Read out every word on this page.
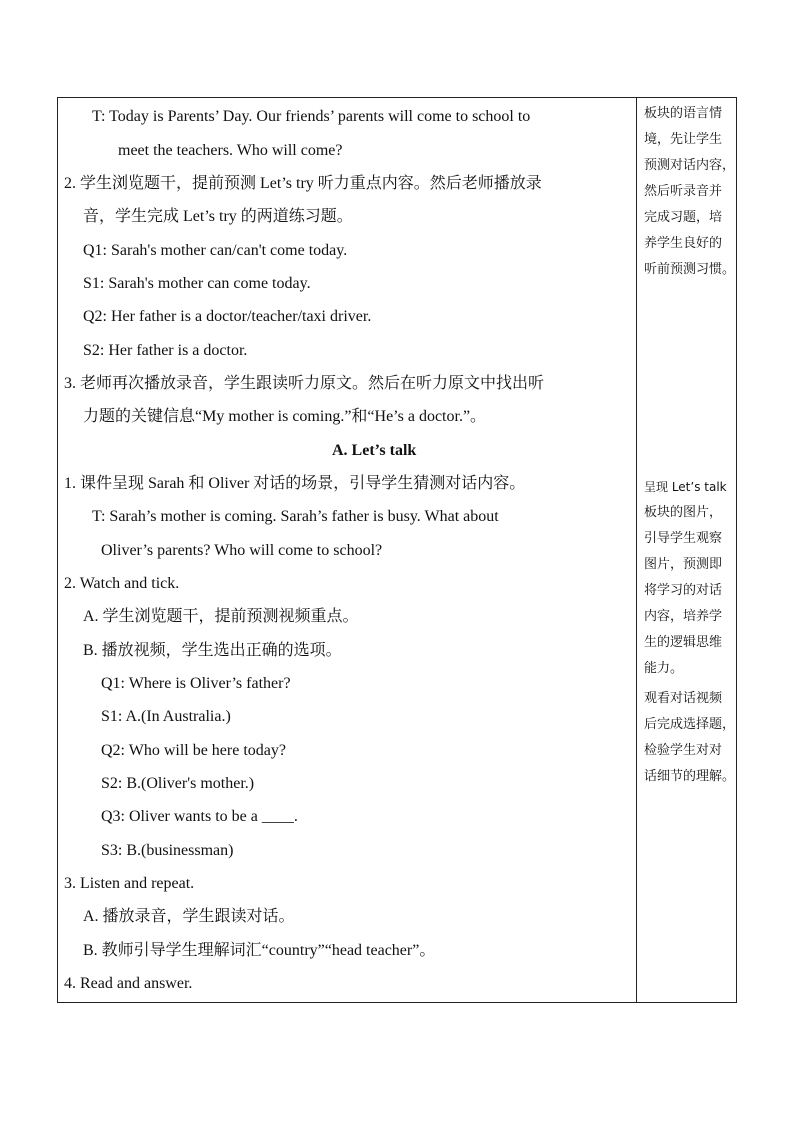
T: Today is Parents’ Day. Our friends’ parents will come to school to
meet the teachers. Who will come?
2. 学生浏览题干，提前预测 Let’s try 听力重点内容。然后老师播放录
音，学生完成 Let’s try 的两道练习题。
Q1: Sarah's mother can/can't come today.
S1: Sarah's mother can come today.
Q2: Her father is a doctor/teacher/taxi driver.
S2: Her father is a doctor.
3. 老师再次播放录音，学生跟读听力原文。然后在听力原文中找出听
力题的关键信息“My mother is coming.”和“He’s a doctor.”。
A. Let’s talk
1. 课件呈现 Sarah 和 Oliver 对话的场景，引导学生猜测对话内容。
T: Sarah’s mother is coming. Sarah’s father is busy. What about
Oliver’s parents? Who will come to school?
2. Watch and tick.
A. 学生浏览题干，提前预测视频重点。
B. 播放视频，学生选出正确的选项。
Q1: Where is Oliver’s father?
S1: A.(In Australia.)
Q2: Who will be here today?
S2: B.(Oliver's mother.)
Q3: Oliver wants to be a ____.
S3: B.(businessman)
3. Listen and repeat.
A. 播放录音，学生跟读对话。
B. 教师引导学生理解词汇“country”“head teacher”。
4. Read and answer.
板块的语言情
境，先让学生
预测对话内容，
然后听录音并
完成习题，培
养学生良好的
听前预测习惯。
呈现 Let’s talk
板块的图片，
引导学生观察
图片，预测即
将学习的对话
内容，培养学
生的逻辑思维
能力。
观看对话视频
后完成选择题，
检验学生对对
话细节的理解。
